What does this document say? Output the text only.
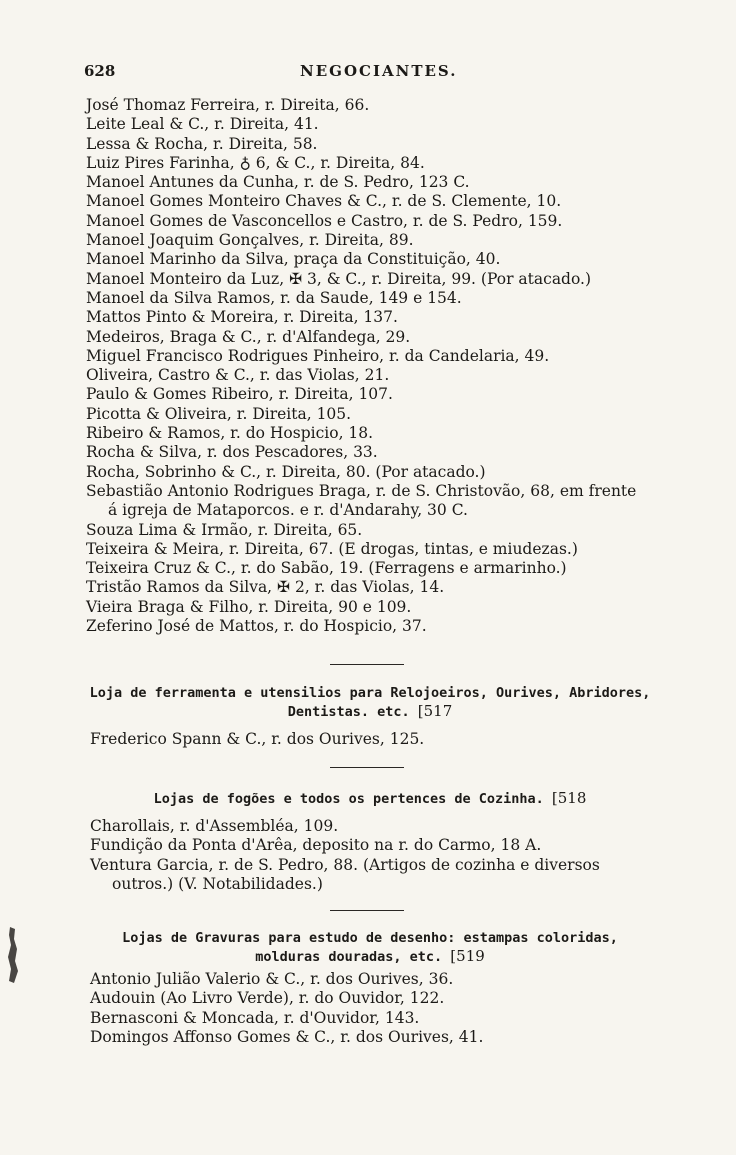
628	NEGOCIANTES.
José Thomaz Ferreira, r. Direita, 66.
Leite Leal & C., r. Direita, 41.
Lessa & Rocha, r. Direita, 58.
Luiz Pires Farinha, ♁ 6, & C., r. Direita, 84.
Manoel Antunes da Cunha, r. de S. Pedro, 123 C.
Manoel Gomes Monteiro Chaves & C., r. de S. Clemente, 10.
Manoel Gomes de Vasconcellos e Castro, r. de S. Pedro, 159.
Manoel Joaquim Gonçalves, r. Direita, 89.
Manoel Marinho da Silva, praça da Constituição, 40.
Manoel Monteiro da Luz, ✠ 3, & C., r. Direita, 99. (Por atacado.)
Manoel da Silva Ramos, r. da Saude, 149 e 154.
Mattos Pinto & Moreira, r. Direita, 137.
Medeiros, Braga & C., r. d'Alfandega, 29.
Miguel Francisco Rodrigues Pinheiro, r. da Candelaria, 49.
Oliveira, Castro & C., r. das Violas, 21.
Paulo & Gomes Ribeiro, r. Direita, 107.
Picotta & Oliveira, r. Direita, 105.
Ribeiro & Ramos, r. do Hospicio, 18.
Rocha & Silva, r. dos Pescadores, 33.
Rocha, Sobrinho & C., r. Direita, 80. (Por atacado.)
Sebastião Antonio Rodrigues Braga, r. de S. Christovão, 68, em frente
á igreja de Mataporcos. e r. d'Andarahy, 30 C.
Souza Lima & Irmão, r. Direita, 65.
Teixeira & Meira, r. Direita, 67. (E drogas, tintas, e miudezas.)
Teixeira Cruz & C., r. do Sabão, 19. (Ferragens e armarinho.)
Tristão Ramos da Silva, ✠ 2, r. das Violas, 14.
Vieira Braga & Filho, r. Direita, 90 e 109.
Zeferino José de Mattos, r. do Hospicio, 37.
Loja de ferramenta e utensilios para Relojoeiros, Ourives, Abridores,
Dentistas. etc. [517
Frederico Spann & C., r. dos Ourives, 125.
Lojas de fogões e todos os pertences de Cozinha. [518
Charollais, r. d'Assembléa, 109.
Fundição da Ponta d'Arêa, deposito na r. do Carmo, 18 A.
Ventura Garcia, r. de S. Pedro, 88. (Artigos de cozinha e diversos
outros.) (V. Notabilidades.)
Lojas de Gravuras para estudo de desenho: estampas coloridas,
molduras douradas, etc. [519
Antonio Julião Valerio & C., r. dos Ourives, 36.
Audouin (Ao Livro Verde), r. do Ouvidor, 122.
Bernasconi & Moncada, r. d'Ouvidor, 143.
Domingos Affonso Gomes & C., r. dos Ourives, 41.
